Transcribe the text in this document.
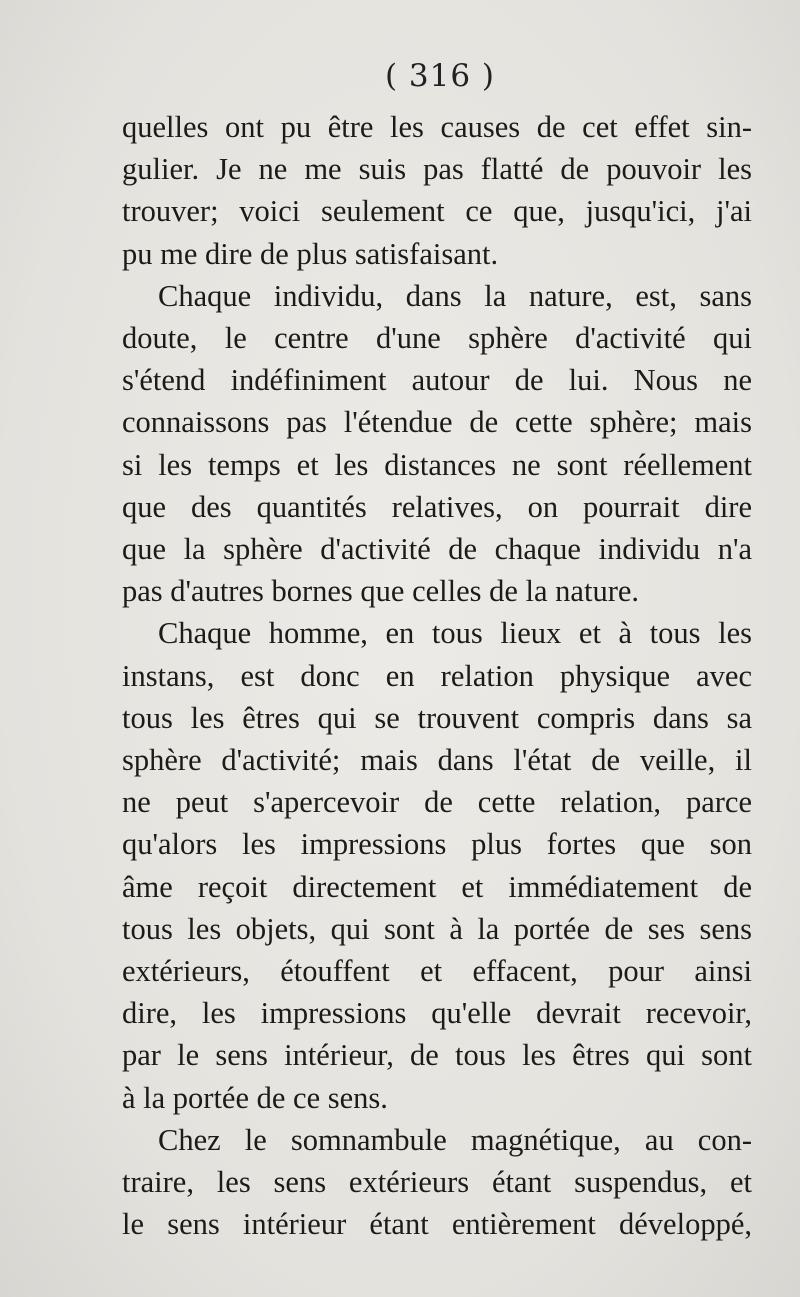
( 316 )
quelles ont pu être les causes de cet effet sin-
gulier. Je ne me suis pas flatté de pouvoir les
trouver; voici seulement ce que, jusqu'ici, j'ai
pu me dire de plus satisfaisant.
Chaque individu, dans la nature, est, sans
doute, le centre d'une sphère d'activité qui
s'étend indéfiniment autour de lui. Nous ne
connaissons pas l'étendue de cette sphère; mais
si les temps et les distances ne sont réellement
que des quantités relatives, on pourrait dire
que la sphère d'activité de chaque individu n'a
pas d'autres bornes que celles de la nature.
Chaque homme, en tous lieux et à tous les
instans, est donc en relation physique avec
tous les êtres qui se trouvent compris dans sa
sphère d'activité; mais dans l'état de veille, il
ne peut s'apercevoir de cette relation, parce
qu'alors les impressions plus fortes que son
âme reçoit directement et immédiatement de
tous les objets, qui sont à la portée de ses sens
extérieurs, étouffent et effacent, pour ainsi
dire, les impressions qu'elle devrait recevoir,
par le sens intérieur, de tous les êtres qui sont
à la portée de ce sens.
Chez le somnambule magnétique, au con-
traire, les sens extérieurs étant suspendus, et
le sens intérieur étant entièrement développé,
